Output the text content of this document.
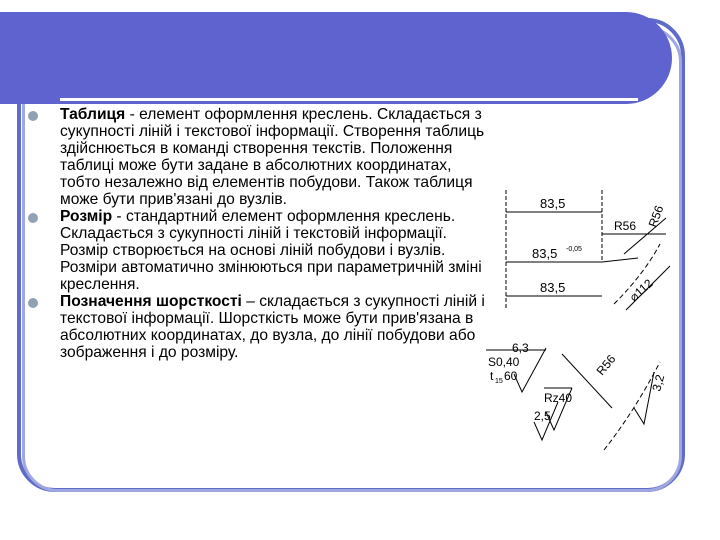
Таблиця - елемент оформлення креслень. Складається з сукупності ліній і текстової інформації. Створення таблиць здійснюється в команді створення текстів. Положення таблиці може бути задане в абсолютних координатах, тобто незалежно від елементів побудови. Також таблиця може бути прив'язані до вузлів.
Розмір - стандартний елемент оформлення креслень. Складається з сукупності ліній і текстовій інформації. Розмір створюється на основі ліній побудови і вузлів. Розміри автоматично змінюються при параметричній зміні креслення.
Позначення шорсткості – складається з сукупності ліній і текстової інформації. Шорсткість може бути прив'язана в абсолютних координатах, до вузла, до лінії побудови або зображення і до розміру.
83,5
83,5 -0,05
83,5
R56 R56
⌀112
6,3
S0,40
t 15 60
Rz40
2,5
R56
3,2
